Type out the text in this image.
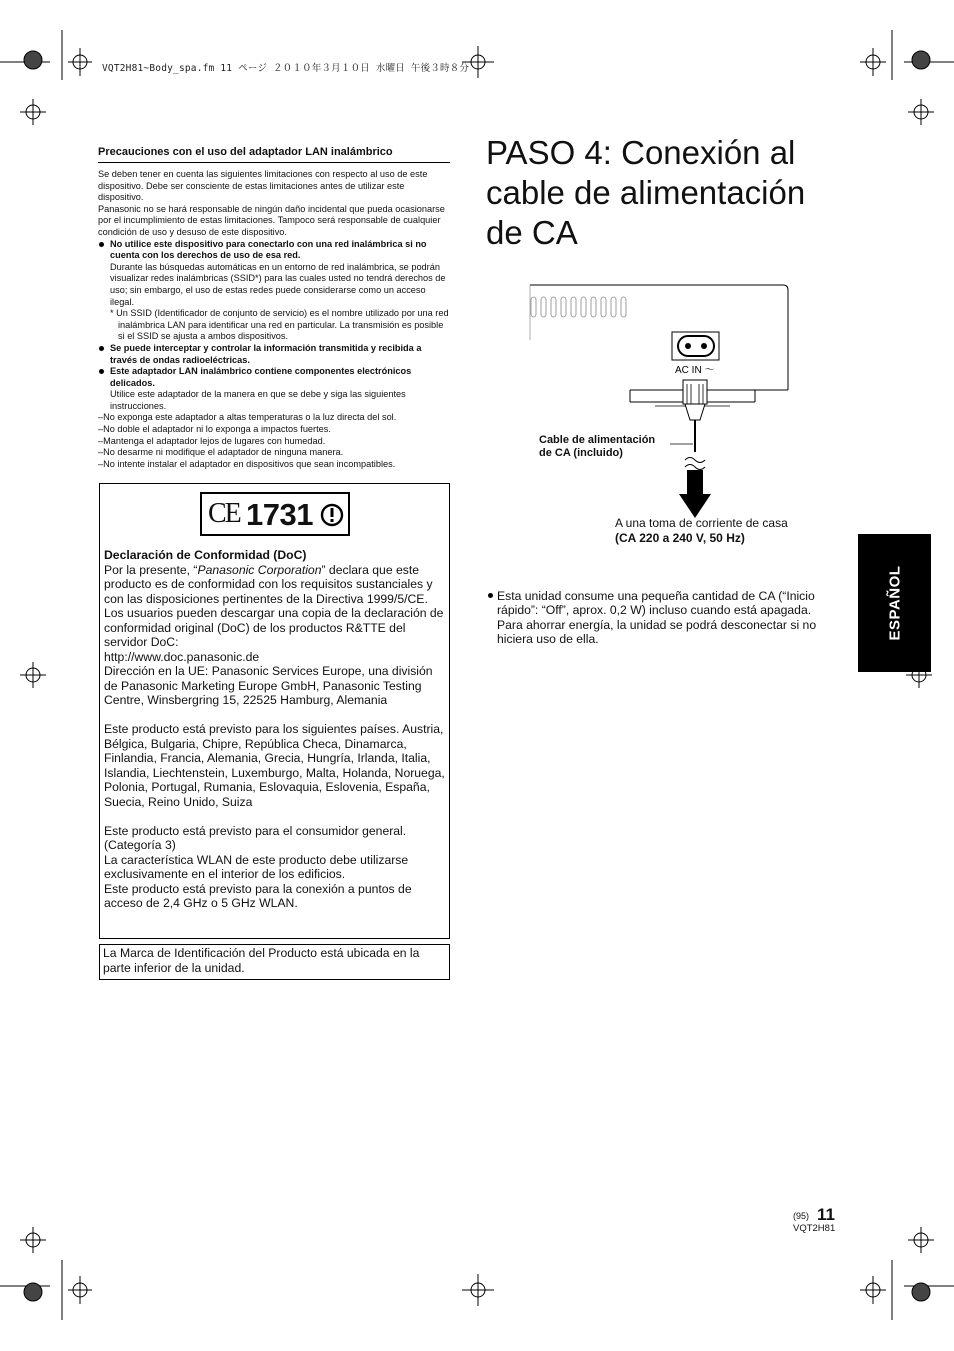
VQT2H81~Body_spa.fm 11 ページ ２０１０年３月１０日 水曜日 午後３時８分
Precauciones con el uso del adaptador LAN inalámbrico
Se deben tener en cuenta las siguientes limitaciones con respecto al uso de este dispositivo. Debe ser consciente de estas limitaciones antes de utilizar este dispositivo.
Panasonic no se hará responsable de ningún daño incidental que pueda ocasionarse por el incumplimiento de estas limitaciones. Tampoco será responsable de cualquier condición de uso y desuso de este dispositivo.
No utilice este dispositivo para conectarlo con una red inalámbrica si no cuenta con los derechos de uso de esa red.
Durante las búsquedas automáticas en un entorno de red inalámbrica, se podrán visualizar redes inalámbricas (SSID*) para las cuales usted no tendrá derechos de uso; sin embargo, el uso de estas redes puede considerarse como un acceso ilegal.
* Un SSID (Identificador de conjunto de servicio) es el nombre utilizado por una red inalámbrica LAN para identificar una red en particular. La transmisión es posible si el SSID se ajusta a ambos dispositivos.
Se puede interceptar y controlar la información transmitida y recibida a través de ondas radioeléctricas.
Este adaptador LAN inalámbrico contiene componentes electrónicos delicados.
Utilice este adaptador de la manera en que se debe y siga las siguientes instrucciones.
–No exponga este adaptador a altas temperaturas o la luz directa del sol.
–No doble el adaptador ni lo exponga a impactos fuertes.
–Mantenga el adaptador lejos de lugares con humedad.
–No desarme ni modifique el adaptador de ninguna manera.
–No intente instalar el adaptador en dispositivos que sean incompatibles.
CE 1731
Declaración de Conformidad (DoC)
Por la presente, “Panasonic Corporation” declara que este producto es de conformidad con los requisitos sustanciales y con las disposiciones pertinentes de la Directiva 1999/5/CE.
Los usuarios pueden descargar una copia de la declaración de conformidad original (DoC) de los productos R&TTE del servidor DoC:
http://www.doc.panasonic.de
Dirección en la UE: Panasonic Services Europe, una división de Panasonic Marketing Europe GmbH, Panasonic Testing Centre, Winsbergring 15, 22525 Hamburg, Alemania
Este producto está previsto para los siguientes países. Austria, Bélgica, Bulgaria, Chipre, República Checa, Dinamarca, Finlandia, Francia, Alemania, Grecia, Hungría, Irlanda, Italia, Islandia, Liechtenstein, Luxemburgo, Malta, Holanda, Noruega, Polonia, Portugal, Rumania, Eslovaquia, Eslovenia, España, Suecia, Reino Unido, Suiza
Este producto está previsto para el consumidor general. (Categoría 3)
La característica WLAN de este producto debe utilizarse exclusivamente en el interior de los edificios.
Este producto está previsto para la conexión a puntos de acceso de 2,4 GHz o 5 GHz WLAN.
La Marca de Identificación del Producto está ubicada en la parte inferior de la unidad.
PASO 4: Conexión al cable de alimentación de CA
AC IN ～
Cable de alimentación
de CA (incluido)
A una toma de corriente de casa
(CA 220 a 240 V, 50 Hz)
Esta unidad consume una pequeña cantidad de CA (“Inicio rápido”: “Off”, aprox. 0,2 W) incluso cuando está apagada. Para ahorrar energía, la unidad se podrá desconectar si no hiciera uso de ella.	ESPAÑOL
(95) 11
VQT2H81
